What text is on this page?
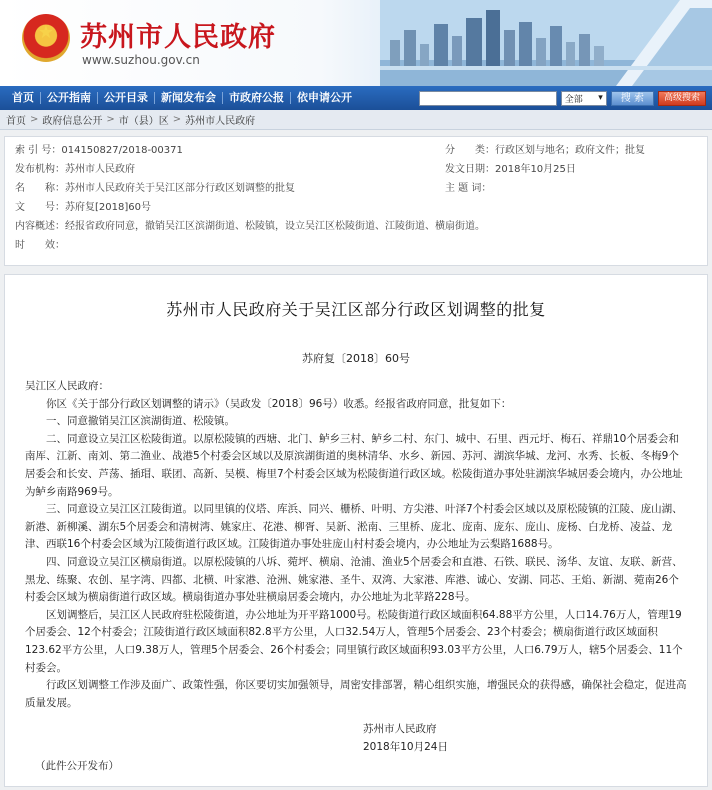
★ 苏州市人民政府
www.suzhou.gov.cn
首页	公开指南	公开目录	新闻发布会	市政府公报	依申请公开	全部 ▾	搜 索	高级搜索
首页 > 政府信息公开 > 市（县）区 > 苏州市人民政府
索 引 号：014150827/2018-00371	分　　类：行政区划与地名；政府文件；批复
发布机构：苏州市人民政府	发文日期：2018年10月25日
名　　称：苏州市人民政府关于吴江区部分行政区划调整的批复	主 题 词：
文　　号：苏府复[2018]60号
内容概述：经报省政府同意，撤销吴江区滨湖街道、松陵镇，设立吴江区松陵街道、江陵街道、横扇街道。
时　　效：
苏州市人民政府关于吴江区部分行政区划调整的批复
苏府复〔2018〕60号

吴江区人民政府：

你区《关于部分行政区划调整的请示》（吴政发〔2018〕96号）收悉。经报省政府同意，批复如下：

一、同意撤销吴江区滨湖街道、松陵镇。

二、同意设立吴江区松陵街道。以原松陵镇的西塘、北门、鲈乡三村、鲈乡二村、东门、城中、石里、西元圩、梅石、祥鼎10个居委会和南厍、江新、南刘、第二渔业、战港5个村委会区域以及原滨湖街道的奥林清华、水乡、新园、苏河、湖滨华城、龙河、水秀、长板、冬梅9个居委会和长安、芦荡、插瑁、联团、高新、吴模、梅里7个村委会区域为松陵街道行政区域。松陵街道办事处驻湖滨华城居委会境内，办公地址为鲈乡南路969号。

三、同意设立吴江区江陵街道。以同里镇的仪塔、库浜、同兴、栅桥、叶明、方尖港、叶泽7个村委会区域以及原松陵镇的江陵、庞山湖、新港、新柳溪、湖东5个居委会和清树湾、姚家庄、花港、柳胥、吴新、淞南、三里桥、庞北、庞南、庞东、庞山、庞杨、白龙桥、凌益、龙津、西联16个村委会区域为江陵街道行政区域。江陵街道办事处驻庞山村村委会境内，办公地址为云梨路1688号。

四、同意设立吴江区横扇街道。以原松陵镇的八坼、菀坪、横扇、沧浦、渔业5个居委会和直港、石铁、联民、汤华、友谊、友联、新营、黑龙、练聚、农创、星字湾、四都、北横、叶家港、沧洲、姚家港、圣牛、双湾、大家港、库港、诚心、安湖、同芯、王焰、新湖、菀南26个村委会区域为横扇街道行政区域。横扇街道办事处驻横扇居委会境内，办公地址为北苹路228号。

区划调整后，吴江区人民政府驻松陵街道，办公地址为开平路1000号。松陵街道行政区域面积64.88平方公里，人口14.76万人，管理19个居委会、12个村委会；江陵街道行政区域面积82.8平方公里，人口32.54万人，管理5个居委会、23个村委会；横扇街道行政区域面积123.62平方公里，人口9.38万人，管理5个居委会、26个村委会；同里镇行政区域面积93.03平方公里，人口6.79万人，辖5个居委会、11个村委会。

行政区划调整工作涉及面广、政策性强，你区要切实加强领导，周密安排部署，精心组织实施，增强民众的获得感，确保社会稳定，促进高质量发展。

苏州市人民政府
2018年10月24日
（此件公开发布）
